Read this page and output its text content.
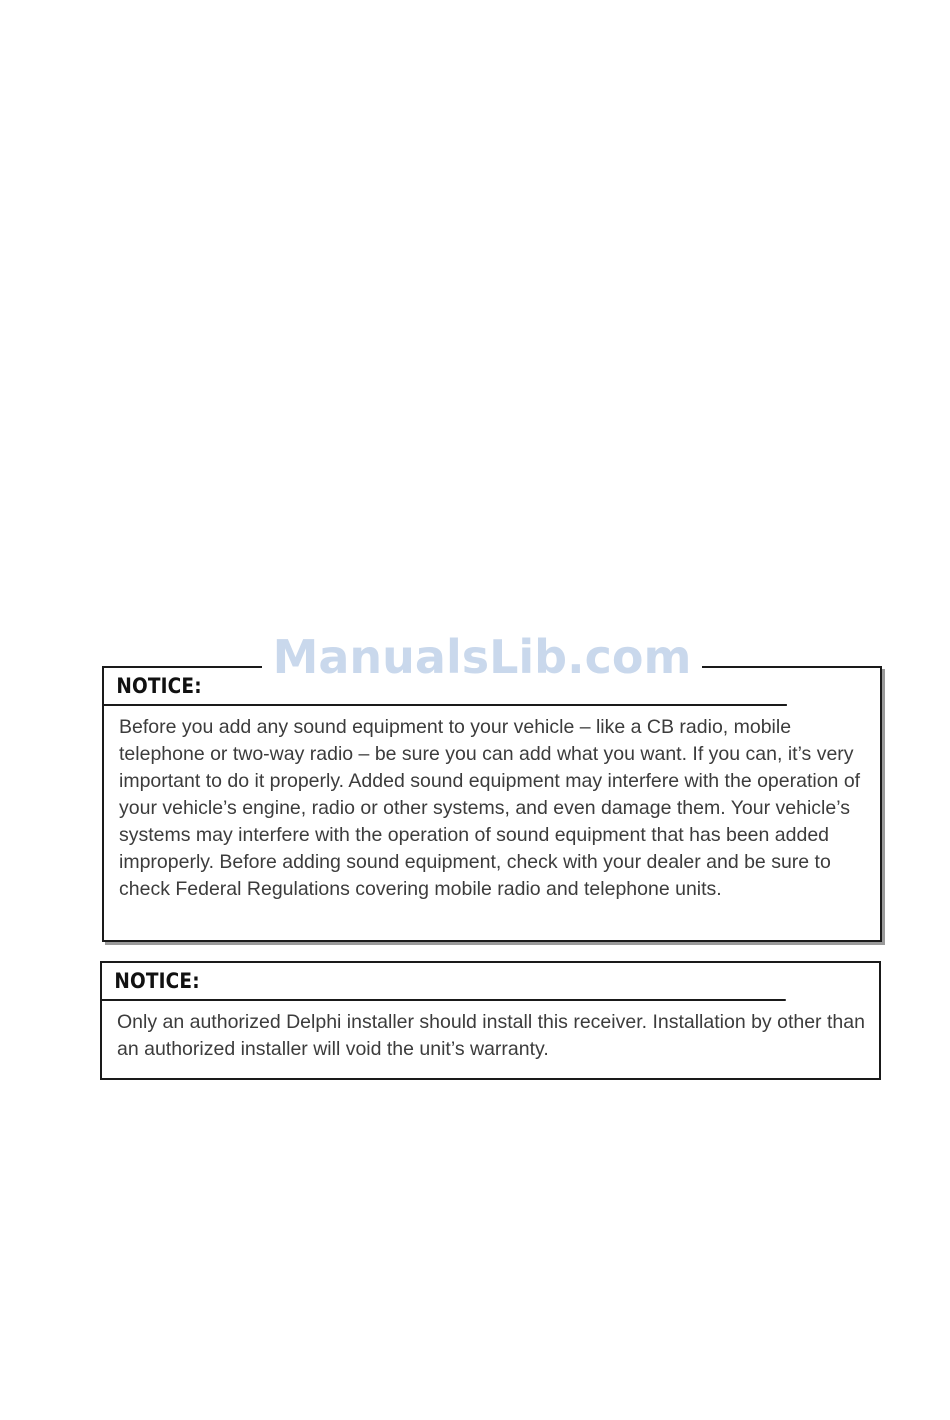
ManualsLib.com
NOTICE:
Before you add any sound equipment to your vehicle – like a CB radio, mobile telephone or two-way radio – be sure you can add what you want. If you can, it’s very important to do it properly. Added sound equipment may interfere with the operation of your vehicle’s engine, radio or other systems, and even damage them. Your vehicle’s systems may interfere with the operation of sound equipment that has been added improperly. Before adding sound equipment, check with your dealer and be sure to check Federal Regulations covering mobile radio and telephone units.
NOTICE:
Only an authorized Delphi installer should install this receiver. Installation by other than an authorized installer will void the unit’s warranty.
